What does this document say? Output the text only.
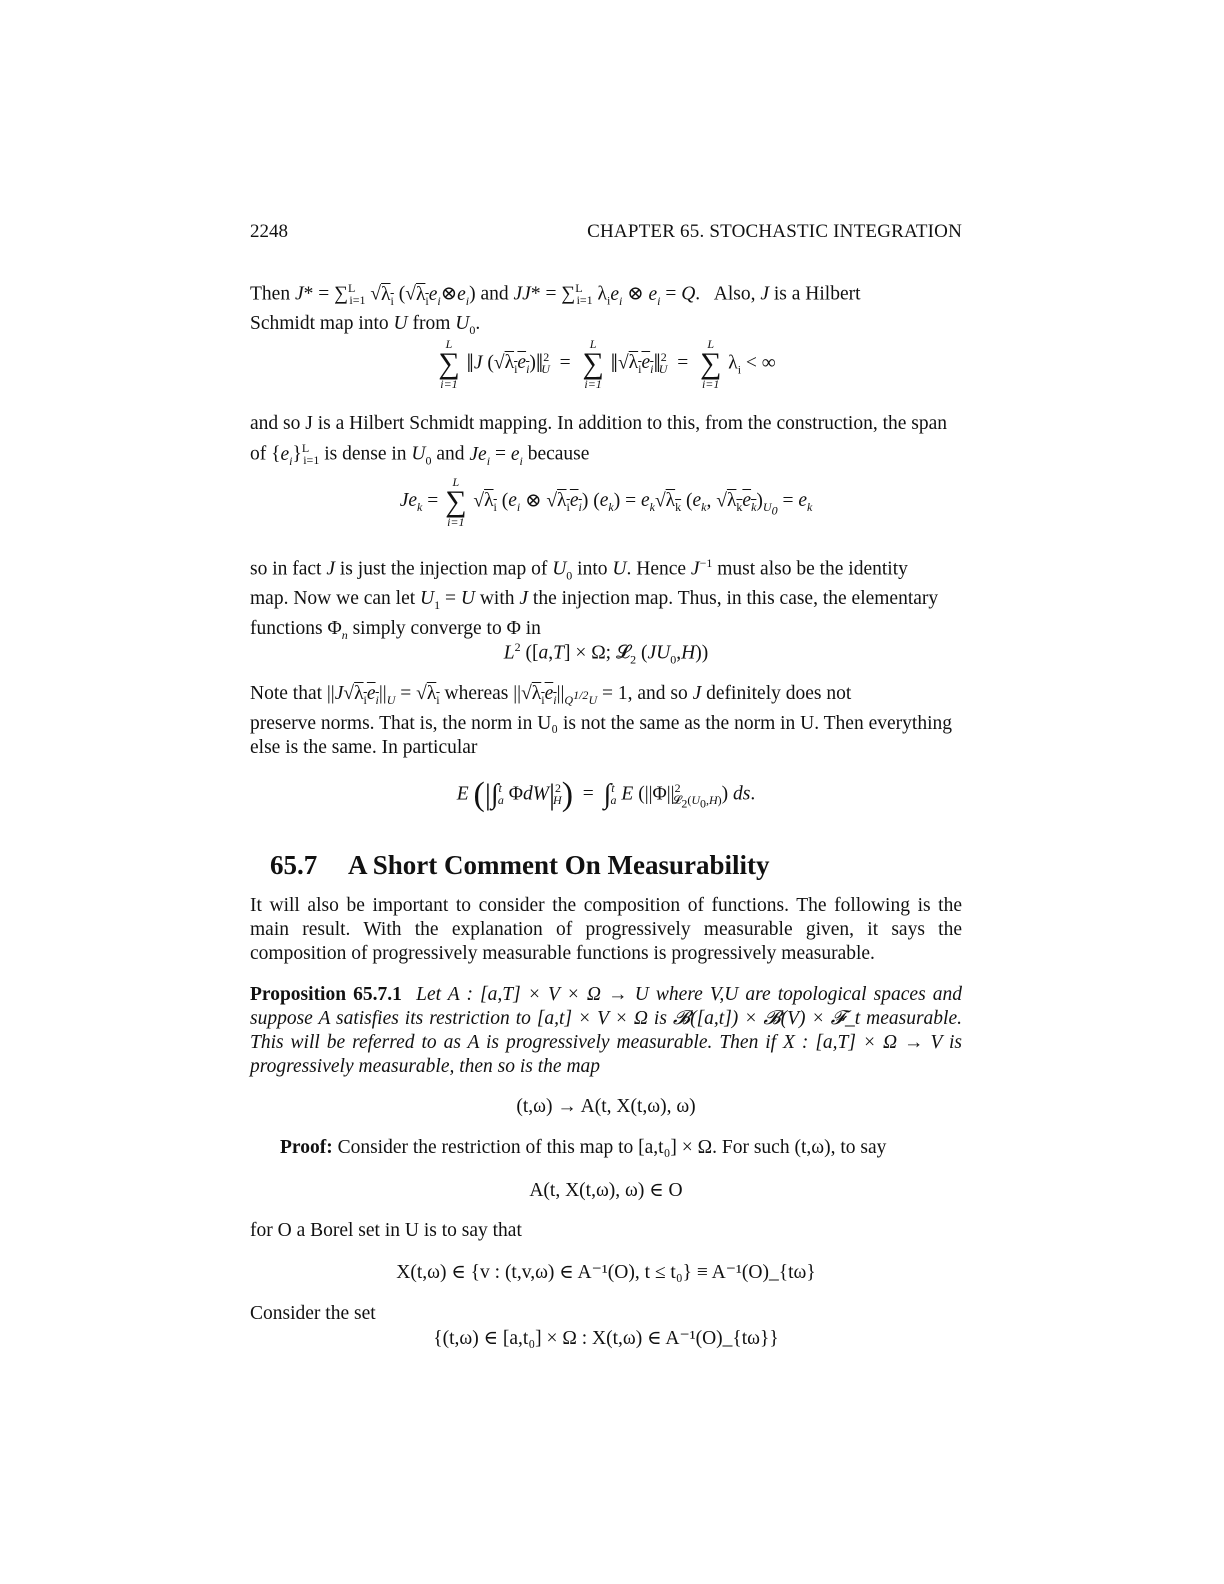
2248	CHAPTER 65. STOCHASTIC INTEGRATION
Then J* = ∑$^L_{i=1}$ $√\lambda_i$ $(√\lambda_ie_i\otimes e_i)$ and JJ* = ∑$^L_{i=1}$ $\lambda_ie_i$ ⊗ $e_i = Q$.   Also, J is a Hilbert
Schmidt map into U from $U_0$.
L
∑
i=1
‖J $(√\lambda_ie_i)‖^2_U$  =
L
∑
i=1
$‖√\lambda_ie_i‖^2_U$  =
L
∑
i=1
$\lambda_i$ < ∞
and so J is a Hilbert Schmidt mapping. In addition to this, from the construction, the span
of $\{e_i\}^L_{i=1}$ is dense in $U_0$ and $Je_i = e_i$ because
$Je_k$ =
L
∑
i=1
$√\lambda_i$ ($e_i$ ⊗ $√\lambda_ie_i$) $(e_k) = e_k√\lambda_k$ ($e_k$, $√\lambda_ke_k)_{U_0} = e_k$
so in fact J is just the injection map of $U_0$ into U. Hence $J^{-1}$ must also be the identity
map. Now we can let $U_1 = U$ with J the injection map. Thus, in this case, the elementary
functions $\Phi_n$ simply converge to Φ in
$L^2$ ([a,T] × Ω; 𝓛$_2$ $(JU_0,H)$)
Note that $||J√\lambda_ie_i||_U = √\lambda_i$ whereas $||√\lambda_ie_i||_{Q^{1/2}U} = 1$, and so J definitely does not
preserve norms. That is, the norm in U₀ is not the same as the norm in U. Then everything
else is the same. In particular
E (|∫$^t_a$ $\Phi dW|^2_H) = \int^t_a$ E $(||\Phi||^2_{𝓛_2(U_0,H)})$ ds.
65.7 A Short Comment On Measurability
It will also be important to consider the composition of functions. The following is the main result. With the explanation of progressively measurable given, it says the composition of progressively measurable functions is progressively measurable.
Proposition 65.7.1 Let A : [a,T] × V × Ω → U where V,U are topological spaces and suppose A satisfies its restriction to [a,t] × V × Ω is 𝓑([a,t]) × 𝓑(V) × 𝓕_t measurable. This will be referred to as A is progressively measurable. Then if X : [a,T] × Ω → V is progressively measurable, then so is the map
(t,ω) → A(t, X(t,ω), ω)
Proof: Consider the restriction of this map to [a,t₀] × Ω. For such (t,ω), to say
A(t, X(t,ω), ω) ∈ O
for O a Borel set in U is to say that
X(t,ω) ∈ {v : (t,v,ω) ∈ A⁻¹(O), t ≤ t₀} ≡ A⁻¹(O)_{tω}
Consider the set
{(t,ω) ∈ [a,t₀] × Ω : X(t,ω) ∈ A⁻¹(O)_{tω}}
